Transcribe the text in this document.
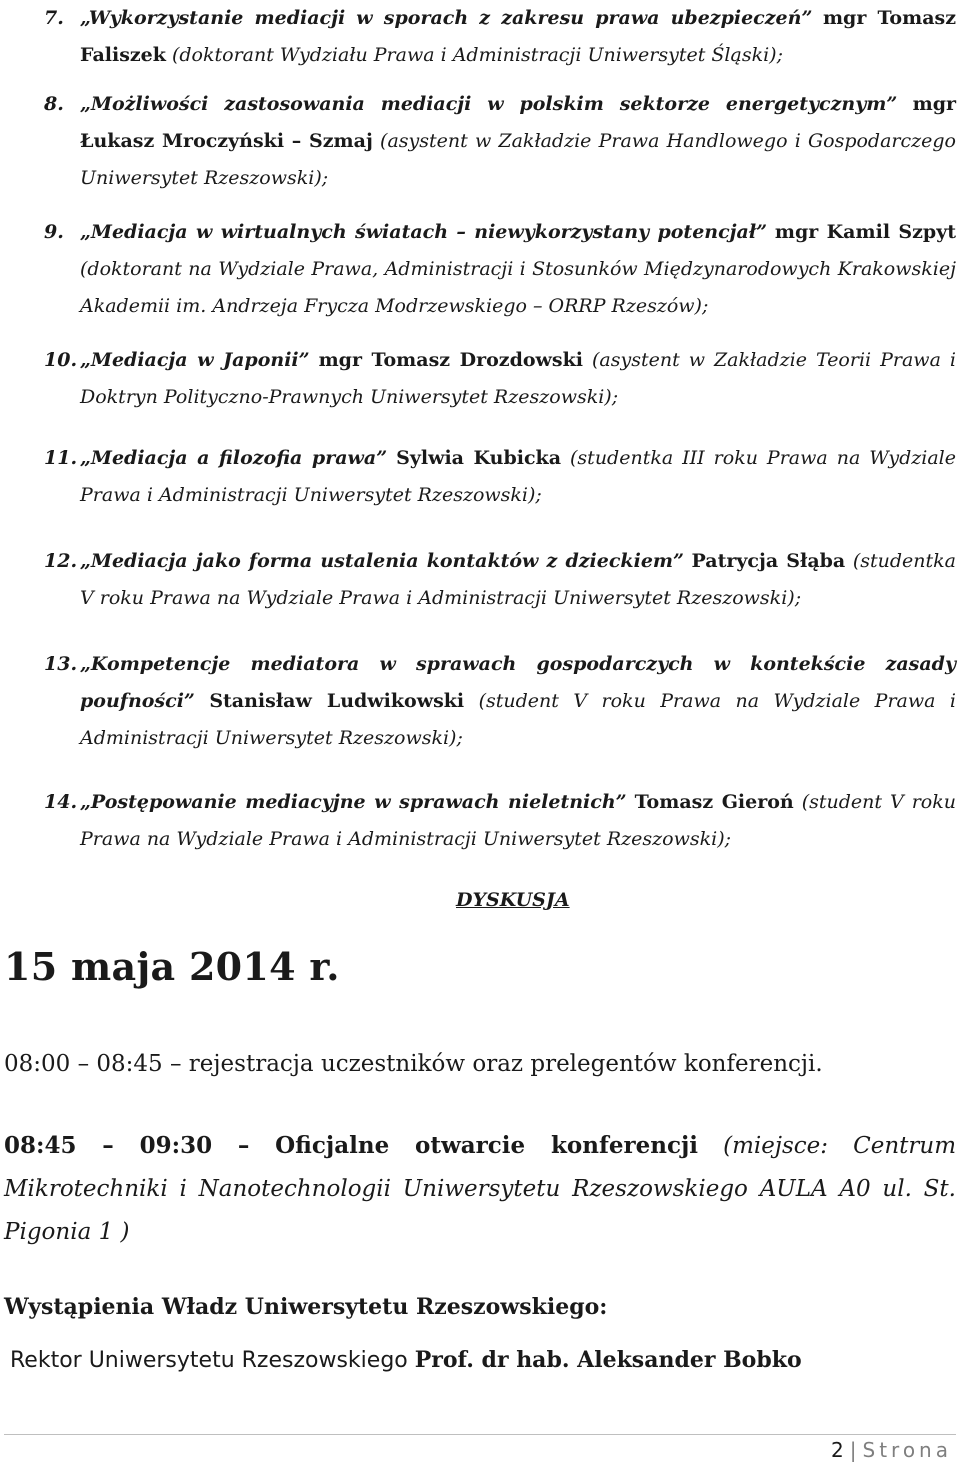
7. „Wykorzystanie mediacji w sporach z zakresu prawa ubezpieczeń” mgr Tomasz Faliszek (doktorant Wydziału Prawa i Administracji Uniwersytet Śląski);
8. „Możliwości zastosowania mediacji w polskim sektorze energetycznym” mgr Łukasz Mroczyński – Szmaj (asystent w Zakładzie Prawa Handlowego i Gospodarczego Uniwersytet Rzeszowski);
9. „Mediacja w wirtualnych światach – niewykorzystany potencjał” mgr Kamil Szpyt (doktorant na Wydziale Prawa, Administracji i Stosunków Międzynarodowych Krakowskiej Akademii im. Andrzeja Frycza Modrzewskiego – ORRP Rzeszów);
10. „Mediacja w Japonii” mgr Tomasz Drozdowski (asystent w Zakładzie Teorii Prawa i Doktryn Polityczno-Prawnych Uniwersytet Rzeszowski);
11. „Mediacja a filozofia prawa” Sylwia Kubicka (studentka III roku Prawa na Wydziale Prawa i Administracji Uniwersytet Rzeszowski);
12. „Mediacja jako forma ustalenia kontaktów z dzieckiem” Patrycja Słąba (studentka V roku Prawa na Wydziale Prawa i Administracji Uniwersytet Rzeszowski);
13. „Kompetencje mediatora w sprawach gospodarczych w kontekście zasady poufności” Stanisław Ludwikowski (student V roku Prawa na Wydziale Prawa i Administracji Uniwersytet Rzeszowski);
14. „Postępowanie mediacyjne w sprawach nieletnich” Tomasz Gieroń (student V roku Prawa na Wydziale Prawa i Administracji Uniwersytet Rzeszowski);
DYSKUSJA
15 maja 2014 r.
08:00 – 08:45 – rejestracja uczestników oraz prelegentów konferencji.
08:45 – 09:30 – Oficjalne otwarcie konferencji (miejsce: Centrum Mikrotechniki i Nanotechnologii Uniwersytetu Rzeszowskiego AULA A0 ul. St. Pigonia 1 )
Wystąpienia Władz Uniwersytetu Rzeszowskiego:
Rektor Uniwersytetu Rzeszowskiego Prof. dr hab. Aleksander Bobko
2 | Strona
